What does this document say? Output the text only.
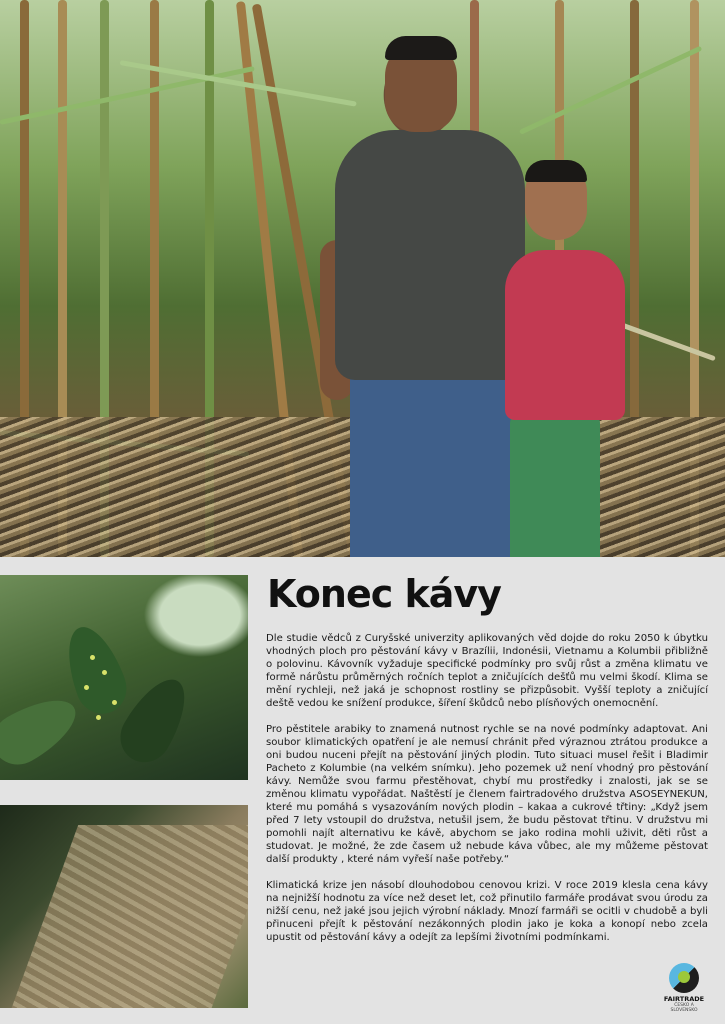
Konec kávy

Dle studie vědců z Curyšské univerzity aplikovaných věd dojde do roku 2050 k úbytku vhodných ploch pro pěstování kávy v Brazílii, Indonésii, Vietnamu a Kolumbii přibližně o polovinu. Kávovník vyžaduje specifické podmínky pro svůj růst a změna klimatu ve formě nárůstu průměrných ročních teplot a zničujících dešťů mu velmi škodí. Klima se mění rychleji, než jaká je schopnost rostliny se přizpůsobit. Vyšší teploty a zničující deště vedou ke snížení produkce, šíření škůdců nebo plísňových onemocnění.

Pro pěstitele arabiky to znamená nutnost rychle se na nové podmínky adaptovat. Ani soubor klimatických opatření je ale nemusí chránit před výraznou ztrátou produkce a oni budou nuceni přejít na pěstování jiných plodin. Tuto situaci musel řešit i Bladimir Pacheto z Kolumbie (na velkém snímku). Jeho pozemek už není vhodný pro pěstování kávy. Nemůže svou farmu přestěhovat, chybí mu prostředky i znalosti, jak se se změnou klimatu vypořádat. Naštěstí je členem fairtradového družstva ASOSEYNEKUN, které mu pomáhá s vysazováním nových plodin – kakaa a cukrové třtiny: „Když jsem před 7 lety vstoupil do družstva, netušil jsem, že budu pěstovat třtinu. V družstvu mi pomohli najít alternativu ke kávě, abychom se jako rodina mohli uživit, děti růst a studovat. Je možné, že zde časem už nebude káva vůbec, ale my můžeme pěstovat další produkty , které nám vyřeší naše potřeby.“

Klimatická krize jen násobí dlouhodobou cenovou krizi. V roce 2019 klesla cena kávy na nejnižší hodnotu za více než deset let, což přinutilo farmáře prodávat svou úrodu za nižší cenu, než jaké jsou jejich výrobní náklady. Mnozí farmáři se ocitli v chudobě a byli přinuceni přejít k pěstování nezákonných plodin jako je koka a konopí nebo zcela upustit od pěstování kávy a odejít za lepšími životními podmínkami.

FAIRTRADE
ČESKO A SLOVENSKO
